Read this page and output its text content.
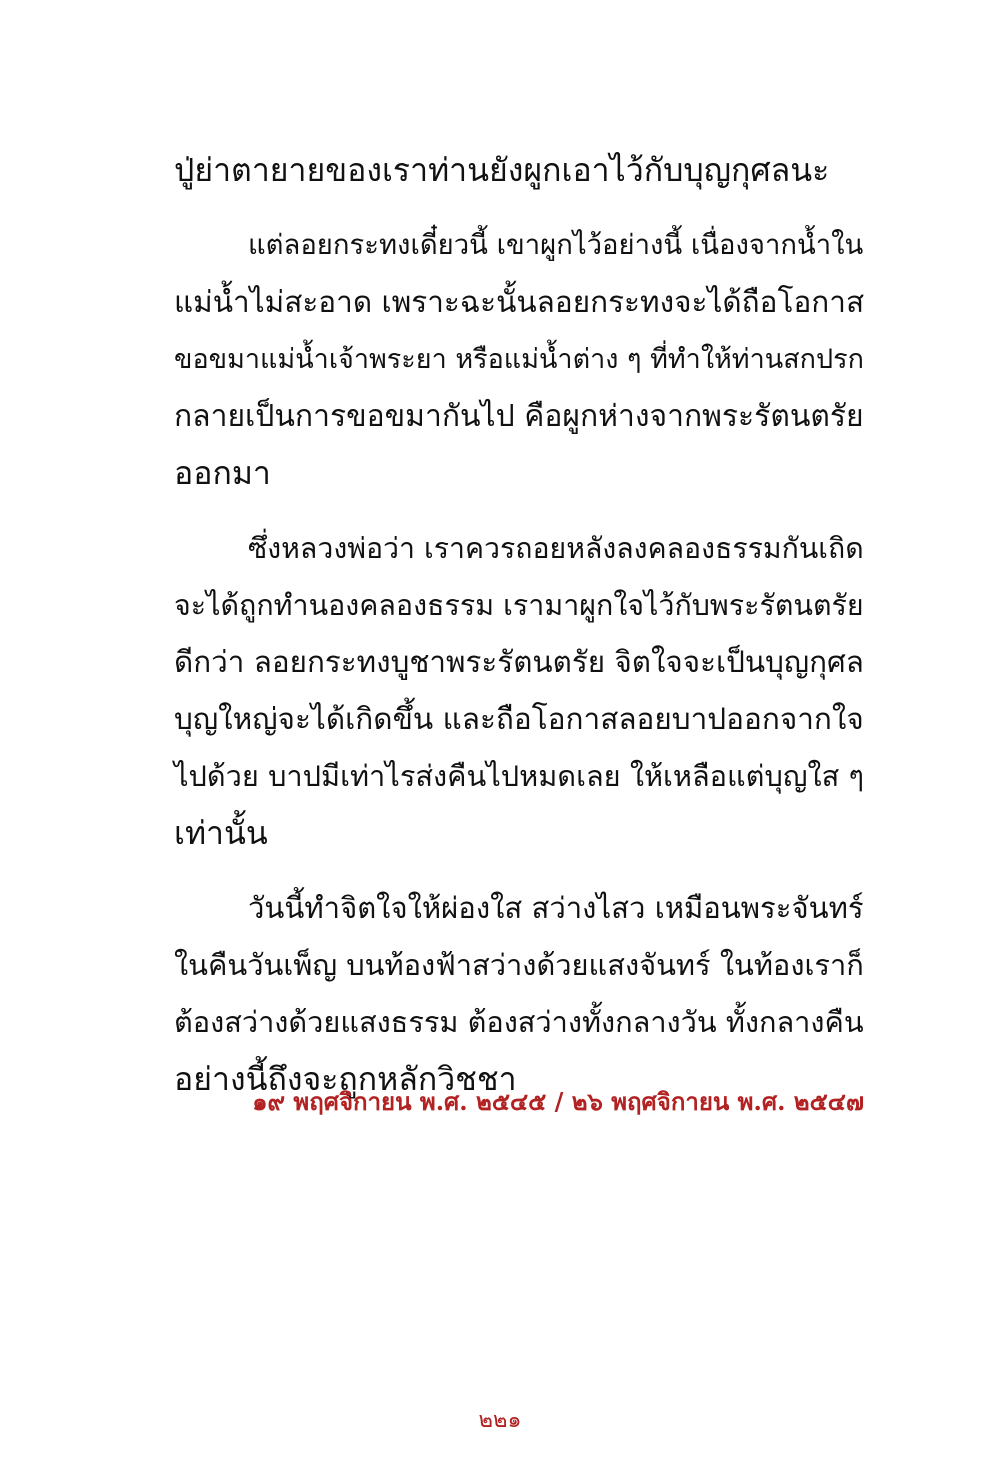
ปู่ย่าตายายของเราท่านยังผูกเอาไว้กับบุญกุศลนะ

แต่ลอยกระทงเดี๋ยวนี้ เขาผูกไว้อย่างนี้ เนื่องจากน้ำใน
แม่น้ำไม่สะอาด เพราะฉะนั้นลอยกระทงจะได้ถือโอกาส
ขอขมาแม่น้ำเจ้าพระยา หรือแม่น้ำต่าง ๆ ที่ทำให้ท่านสกปรก
กลายเป็นการขอขมากันไป คือผูกห่างจากพระรัตนตรัย
ออกมา

ซึ่งหลวงพ่อว่า เราควรถอยหลังลงคลองธรรมกันเถิด
จะได้ถูกทำนองคลองธรรม เรามาผูกใจไว้กับพระรัตนตรัย
ดีกว่า ลอยกระทงบูชาพระรัตนตรัย จิตใจจะเป็นบุญกุศล
บุญใหญ่จะได้เกิดขึ้น และถือโอกาสลอยบาปออกจากใจ
ไปด้วย บาปมีเท่าไรส่งคืนไปหมดเลย ให้เหลือแต่บุญใส ๆ
เท่านั้น

วันนี้ทำจิตใจให้ผ่องใส สว่างไสว เหมือนพระจันทร์
ในคืนวันเพ็ญ บนท้องฟ้าสว่างด้วยแสงจันทร์ ในท้องเราก็
ต้องสว่างด้วยแสงธรรม ต้องสว่างทั้งกลางวัน ทั้งกลางคืน
อย่างนี้ถึงจะถูกหลักวิชชา

๑๙ พฤศจิกายน พ.ศ. ๒๕๔๕ / ๒๖ พฤศจิกายน พ.ศ. ๒๕๔๗
๒๒๑
